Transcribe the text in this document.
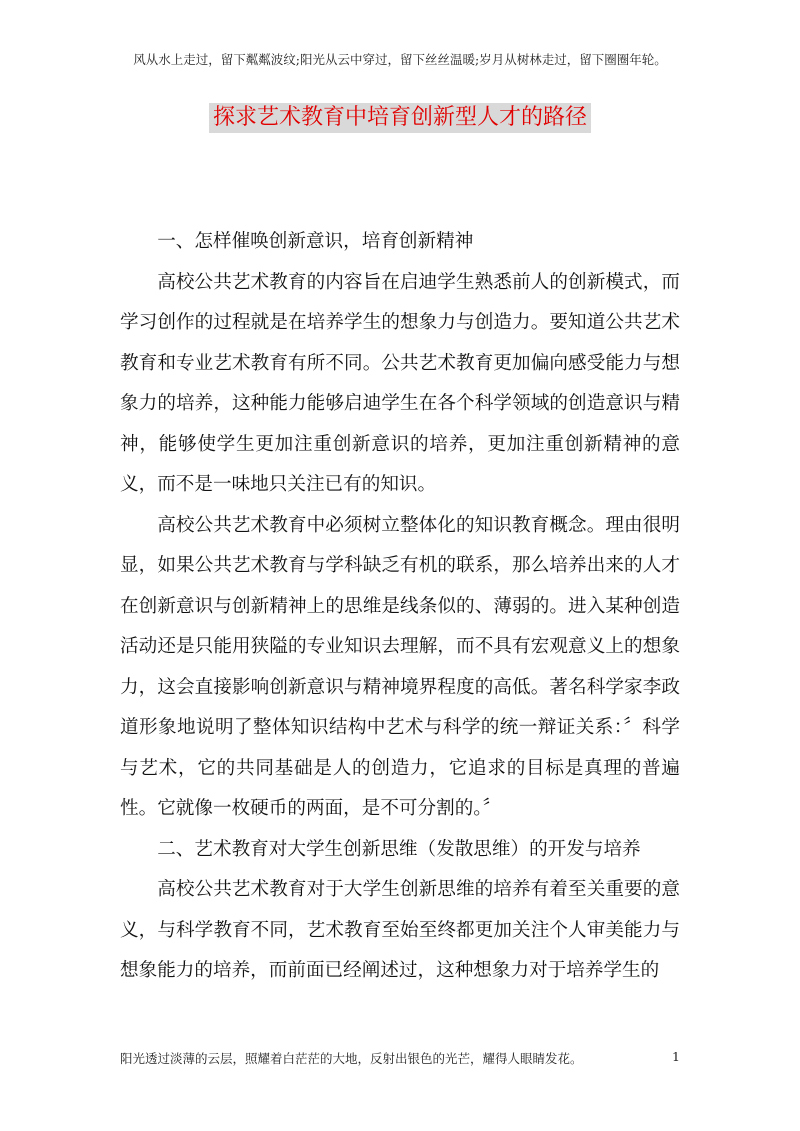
风从水上走过，留下粼粼波纹;阳光从云中穿过，留下丝丝温暖;岁月从树林走过，留下圈圈年轮。
探求艺术教育中培育创新型人才的路径

一、怎样催唤创新意识，培育创新精神

高校公共艺术教育的内容旨在启迪学生熟悉前人的创新模式，而学习创作的过程就是在培养学生的想象力与创造力。要知道公共艺术教育和专业艺术教育有所不同。公共艺术教育更加偏向感受能力与想象力的培养，这种能力能够启迪学生在各个科学领域的创造意识与精神，能够使学生更加注重创新意识的培养，更加注重创新精神的意义，而不是一味地只关注已有的知识。

高校公共艺术教育中必须树立整体化的知识教育概念。理由很明显，如果公共艺术教育与学科缺乏有机的联系，那么培养出来的人才在创新意识与创新精神上的思维是线条似的、薄弱的。进入某种创造活动还是只能用狭隘的专业知识去理解，而不具有宏观意义上的想象力，这会直接影响创新意识与精神境界程度的高低。著名科学家李政道形象地说明了整体知识结构中艺术与科学的统一辩证关系：〞科学与艺术，它的共同基础是人的创造力，它追求的目标是真理的普遍性。它就像一枚硬币的两面，是不可分割的。〞

二、艺术教育对大学生创新思维（发散思维）的开发与培养

高校公共艺术教育对于大学生创新思维的培养有着至关重要的意义，与科学教育不同，艺术教育至始至终都更加关注个人审美能力与想象能力的培养，而前面已经阐述过，这种想象力对于培养学生的

阳光透过淡薄的云层，照耀着白茫茫的大地，反射出银色的光芒，耀得人眼睛发花。	1
